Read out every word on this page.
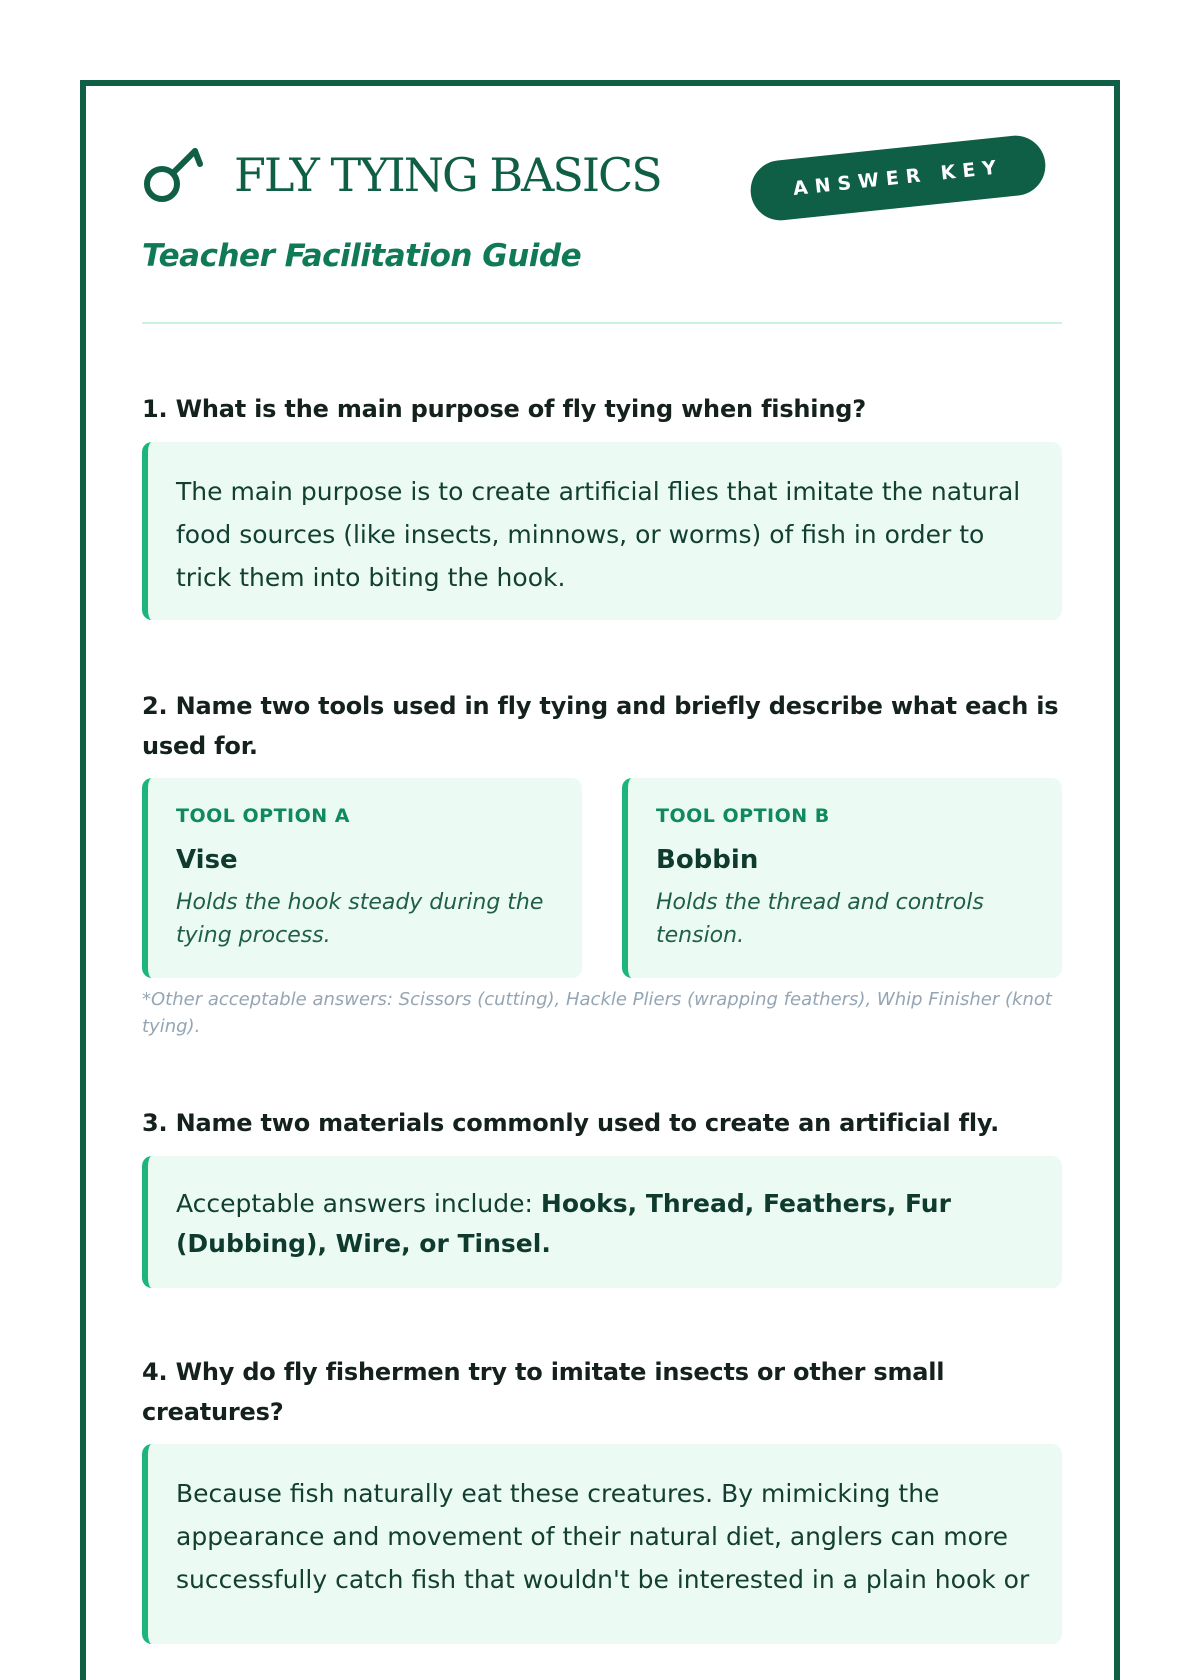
FLY TYING BASICS	ANSWER KEY
Teacher Facilitation Guide
1. What is the main purpose of fly tying when fishing?
The main purpose is to create artificial flies that imitate the natural food sources (like insects, minnows, or worms) of fish in order to trick them into biting the hook.
2. Name two tools used in fly tying and briefly describe what each is used for.
TOOL OPTION A
Vise
Holds the hook steady during the tying process.
TOOL OPTION B
Bobbin
Holds the thread and controls tension.
*Other acceptable answers: Scissors (cutting), Hackle Pliers (wrapping feathers), Whip Finisher (knot tying).
3. Name two materials commonly used to create an artificial fly.
Acceptable answers include: Hooks, Thread, Feathers, Fur (Dubbing), Wire, or Tinsel.
4. Why do fly fishermen try to imitate insects or other small creatures?
Because fish naturally eat these creatures. By mimicking the appearance and movement of their natural diet, anglers can more successfully catch fish that wouldn't be interested in a plain hook or
